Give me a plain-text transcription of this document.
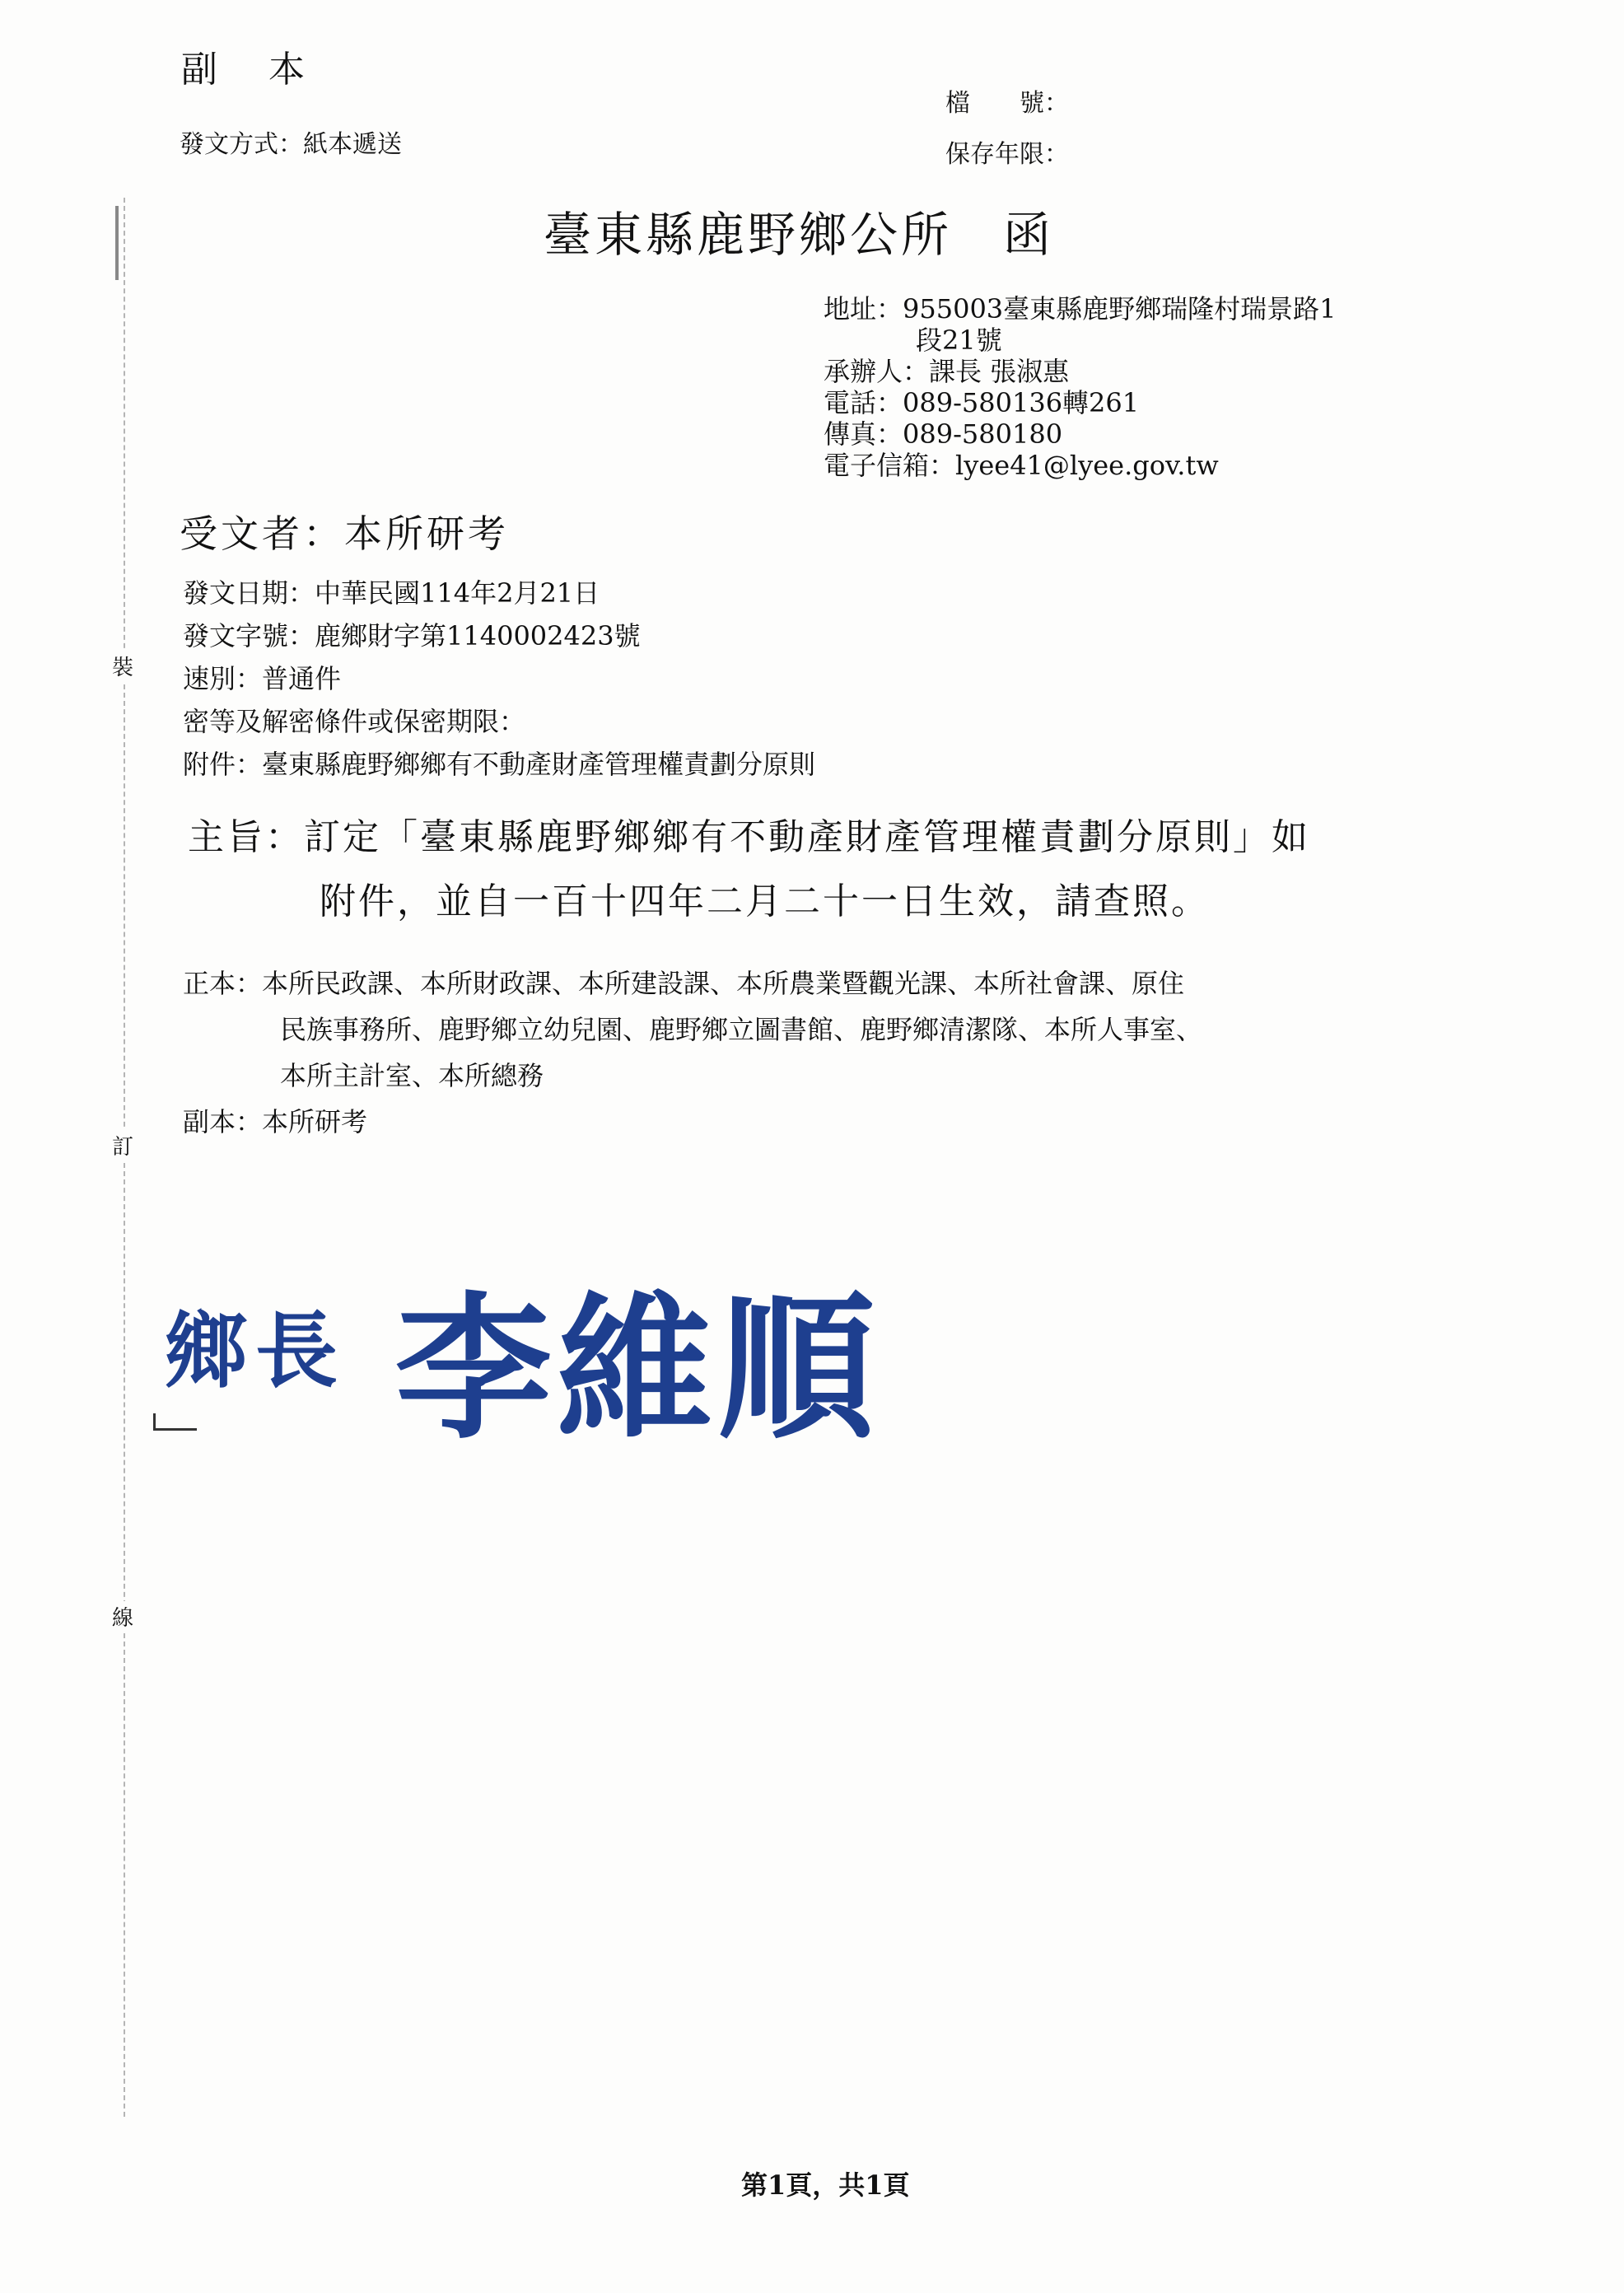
裝
訂
線
副 本
發文方式：紙本遞送
檔　　號：
保存年限：
臺東縣鹿野鄉公所　函
地址：955003臺東縣鹿野鄉瑞隆村瑞景路1
段21號
承辦人：課長 張淑惠
電話：089-580136轉261
傳真：089-580180
電子信箱：lyee41@lyee.gov.tw
受文者：本所研考
發文日期：中華民國114年2月21日
發文字號：鹿鄉財字第1140002423號
速別：普通件
密等及解密條件或保密期限：
附件：臺東縣鹿野鄉鄉有不動產財產管理權責劃分原則
主旨：訂定「臺東縣鹿野鄉鄉有不動產財產管理權責劃分原則」如
附件，並自一百十四年二月二十一日生效，請查照。
正本：本所民政課、本所財政課、本所建設課、本所農業暨觀光課、本所社會課、原住
民族事務所、鹿野鄉立幼兒園、鹿野鄉立圖書館、鹿野鄉清潔隊、本所人事室、
本所主計室、本所總務
副本：本所研考
鄉長 李維順
第1頁，共1頁
